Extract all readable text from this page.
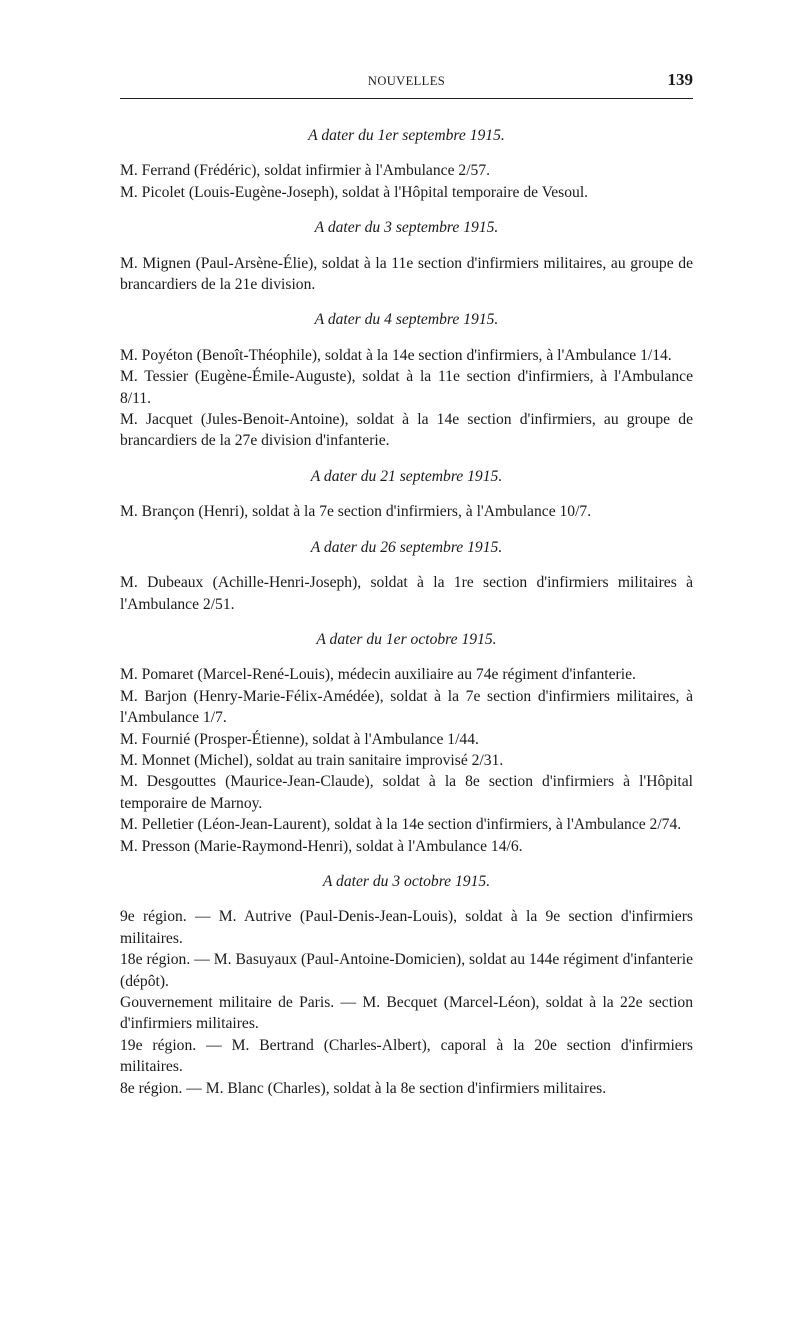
NOUVELLES	139

A dater du 1er septembre 1915.

M. Ferrand (Frédéric), soldat infirmier à l'Ambulance 2/57.

M. Picolet (Louis-Eugène-Joseph), soldat à l'Hôpital temporaire de Vesoul.

A dater du 3 septembre 1915.

M. Mignen (Paul-Arsène-Élie), soldat à la 11e section d'infirmiers militaires, au groupe de brancardiers de la 21e division.

A dater du 4 septembre 1915.

M. Poyéton (Benoît-Théophile), soldat à la 14e section d'infirmiers, à l'Ambulance 1/14.

M. Tessier (Eugène-Émile-Auguste), soldat à la 11e section d'infirmiers, à l'Ambulance 8/11.

M. Jacquet (Jules-Benoit-Antoine), soldat à la 14e section d'infirmiers, au groupe de brancardiers de la 27e division d'infanterie.

A dater du 21 septembre 1915.

M. Brançon (Henri), soldat à la 7e section d'infirmiers, à l'Ambulance 10/7.

A dater du 26 septembre 1915.

M. Dubeaux (Achille-Henri-Joseph), soldat à la 1re section d'infirmiers militaires à l'Ambulance 2/51.

A dater du 1er octobre 1915.

M. Pomaret (Marcel-René-Louis), médecin auxiliaire au 74e régiment d'infanterie.

M. Barjon (Henry-Marie-Félix-Amédée), soldat à la 7e section d'infirmiers militaires, à l'Ambulance 1/7.

M. Fournié (Prosper-Étienne), soldat à l'Ambulance 1/44.

M. Monnet (Michel), soldat au train sanitaire improvisé 2/31.

M. Desgouttes (Maurice-Jean-Claude), soldat à la 8e section d'infirmiers à l'Hôpital temporaire de Marnoy.

M. Pelletier (Léon-Jean-Laurent), soldat à la 14e section d'infirmiers, à l'Ambulance 2/74.

M. Presson (Marie-Raymond-Henri), soldat à l'Ambulance 14/6.

A dater du 3 octobre 1915.

9e région. — M. Autrive (Paul-Denis-Jean-Louis), soldat à la 9e section d'infirmiers militaires.

18e région. — M. Basuyaux (Paul-Antoine-Domicien), soldat au 144e régiment d'infanterie (dépôt).

Gouvernement militaire de Paris. — M. Becquet (Marcel-Léon), soldat à la 22e section d'infirmiers militaires.

19e région. — M. Bertrand (Charles-Albert), caporal à la 20e section d'infirmiers militaires.

8e région. — M. Blanc (Charles), soldat à la 8e section d'infirmiers militaires.
